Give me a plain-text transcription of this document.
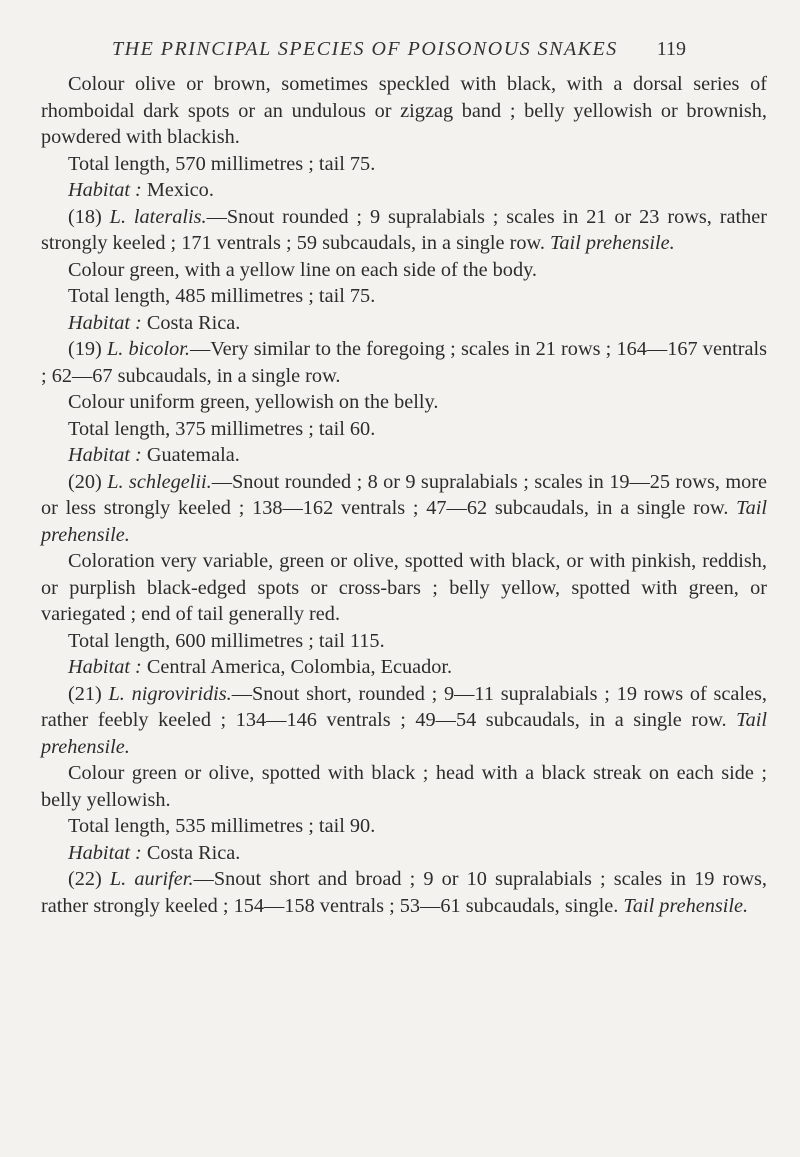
THE PRINCIPAL SPECIES OF POISONOUS SNAKES 119

Colour olive or brown, sometimes speckled with black, with a dorsal series of rhomboidal dark spots or an undulous or zigzag band ; belly yellowish or brownish, powdered with blackish.

Total length, 570 millimetres ; tail 75.

Habitat : Mexico.

(18) L. lateralis.—Snout rounded ; 9 supralabials ; scales in 21 or 23 rows, rather strongly keeled ; 171 ventrals ; 59 subcaudals, in a single row. Tail prehensile.

Colour green, with a yellow line on each side of the body.

Total length, 485 millimetres ; tail 75.

Habitat : Costa Rica.

(19) L. bicolor.—Very similar to the foregoing ; scales in 21 rows ; 164—167 ventrals ; 62—67 subcaudals, in a single row.

Colour uniform green, yellowish on the belly.

Total length, 375 millimetres ; tail 60.

Habitat : Guatemala.

(20) L. schlegelii.—Snout rounded ; 8 or 9 supralabials ; scales in 19—25 rows, more or less strongly keeled ; 138—162 ventrals ; 47—62 subcaudals, in a single row. Tail prehensile.

Coloration very variable, green or olive, spotted with black, or with pinkish, reddish, or purplish black-edged spots or cross-bars ; belly yellow, spotted with green, or variegated ; end of tail generally red.

Total length, 600 millimetres ; tail 115.

Habitat : Central America, Colombia, Ecuador.

(21) L. nigroviridis.—Snout short, rounded ; 9—11 supralabials ; 19 rows of scales, rather feebly keeled ; 134—146 ventrals ; 49—54 subcaudals, in a single row. Tail prehensile.

Colour green or olive, spotted with black ; head with a black streak on each side ; belly yellowish.

Total length, 535 millimetres ; tail 90.

Habitat : Costa Rica.

(22) L. aurifer.—Snout short and broad ; 9 or 10 supralabials ; scales in 19 rows, rather strongly keeled ; 154—158 ventrals ; 53—61 subcaudals, single. Tail prehensile.
